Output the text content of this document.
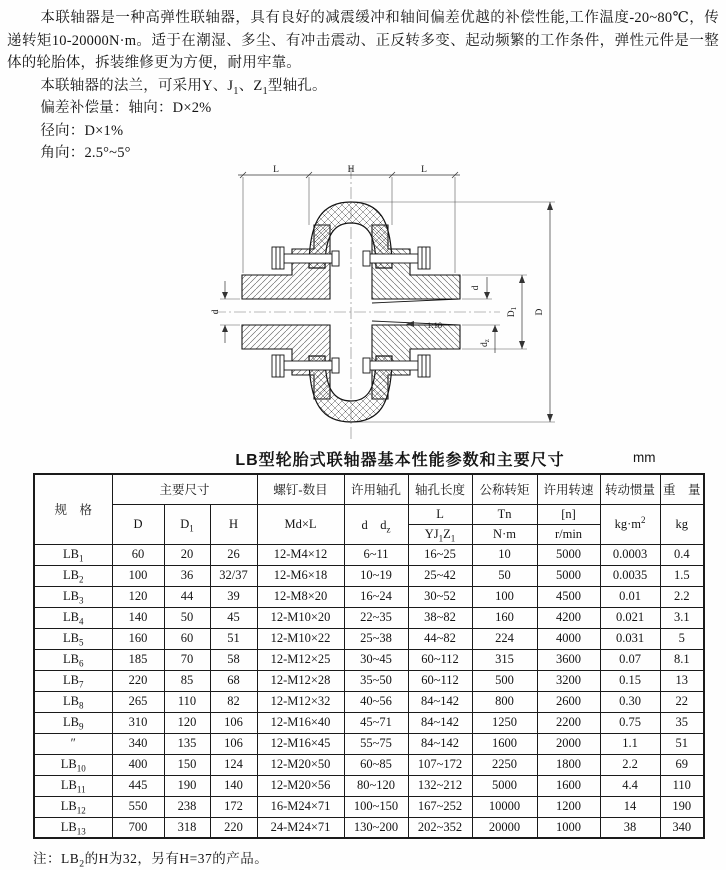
本联轴器是一种高弹性联轴器，具有良好的减震缓冲和轴间偏差优越的补偿性能,工作温度-20~80℃，传递转矩10-20000N·m。适于在潮湿、多尘、有冲击震动、正反转多变、起动频繁的工作条件，弹性元件是一整体的轮胎体，拆装维修更为方便，耐用牢靠。

本联轴器的法兰，可采用Y、$J_1$、$Z_1$型轴孔。

偏差补偿量：轴向：D×2%

径向：D×1%

角向：2.5°~5°

L	H	L
D
$D_1$
d
d
$d_z$
1:10
LB型轮胎式联轴器基本性能参数和主要尺寸	mm
规　格	主要尺寸			螺钉-数目	许用轴孔	轴孔长度	公称转矩	许用转速	转动惯量	重　量
	D	$D_1$	H	Md×L	d　$d_z$	L	Tn	[n]	$kg\cdot m^2$	kg
						$YJ_1Z_1$	N·m	r/min		
$LB_1$	60	20	26	12-M4×12	6~11	16~25	10	5000	0.0003	0.4
$LB_2$	100	36	32/37	12-M6×18	10~19	25~42	50	5000	0.0035	1.5
$LB_3$	120	44	39	12-M8×20	16~24	30~52	100	4500	0.01	2.2
$LB_4$	140	50	45	12-M10×20	22~35	38~82	160	4200	0.021	3.1
$LB_5$	160	60	51	12-M10×22	25~38	44~82	224	4000	0.031	5
$LB_6$	185	70	58	12-M12×25	30~45	60~112	315	3600	0.07	8.1
$LB_7$	220	85	68	12-M12×28	35~50	60~112	500	3200	0.15	13
$LB_8$	265	110	82	12-M12×32	40~56	84~142	800	2600	0.30	22
$LB_9$	310	120	106	12-M16×40	45~71	84~142	1250	2200	0.75	35
″	340	135	106	12-M16×45	55~75	84~142	1600	2000	1.1	51
$LB_{10}$	400	150	124	12-M20×50	60~85	107~172	2250	1800	2.2	69
$LB_{11}$	445	190	140	12-M20×56	80~120	132~212	5000	1600	4.4	110
$LB_{12}$	550	238	172	16-M24×71	100~150	167~252	10000	1200	14	190
$LB_{13}$	700	318	220	24-M24×71	130~200	202~352	20000	1000	38	340
注：$LB_2$的H为32，另有H=37的产品。
